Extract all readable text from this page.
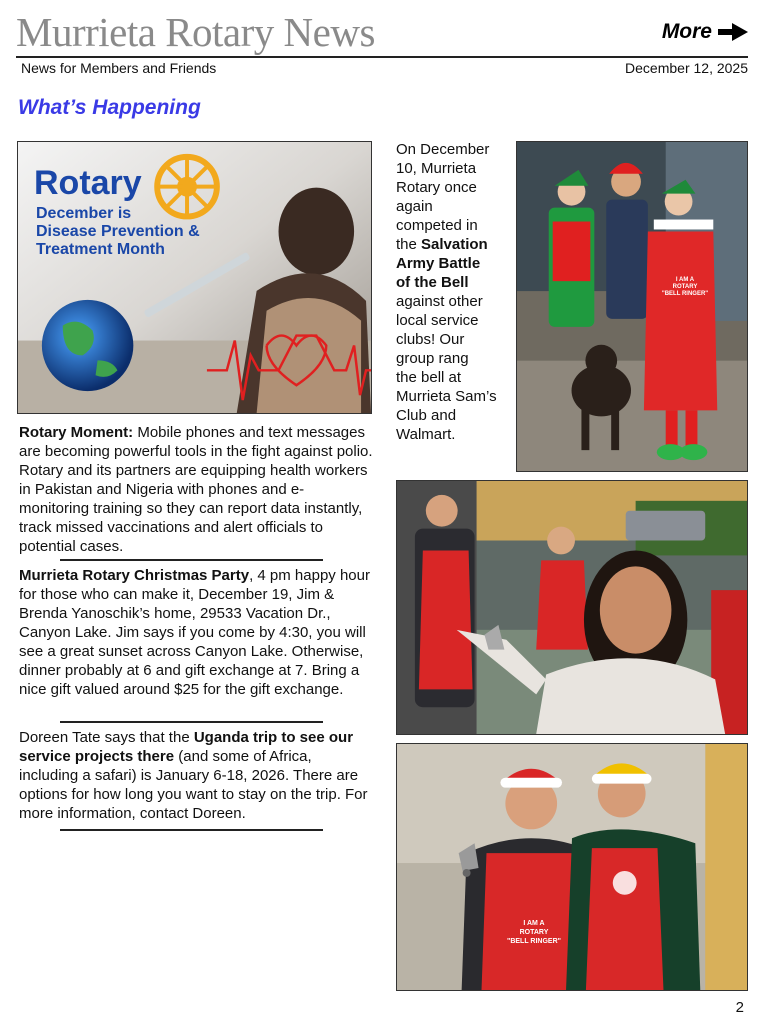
Murrieta Rotary News	More
News for Members and Friends	December 12, 2025
What’s Happening
Rotary
December is
Disease Prevention &
Treatment Month
On December
10, Murrieta
Rotary once
again
competed in
the Salvation
Army Battle
of the Bell
against other
local service
clubs! Our
group rang
the bell at
Murrieta Sam’s
Club and
Walmart.
I AM A
ROTARY
"BELL RINGER"
Rotary Moment: Mobile phones and text messages are becoming powerful tools in the fight against polio. Rotary and its partners are equipping health workers in Pakistan and Nigeria with phones and e-monitoring training so they can report data instantly, track missed vaccinations and alert officials to potential cases.
Murrieta Rotary Christmas Party, 4 pm happy hour for those who can make it, December 19, Jim & Brenda Yanoschik’s home, 29533 Vacation Dr., Canyon Lake. Jim says if you come by 4:30, you will see a great sunset across Canyon Lake. Otherwise, dinner probably at 6 and gift exchange at 7. Bring a nice gift valued around $25 for the gift exchange.
Doreen Tate says that the Uganda trip to see our service projects there (and some of Africa, including a safari) is January 6-18, 2026. There are options for how long you want to stay on the trip. For more information, contact Doreen.
I AM A
ROTARY
"BELL RINGER"
2
